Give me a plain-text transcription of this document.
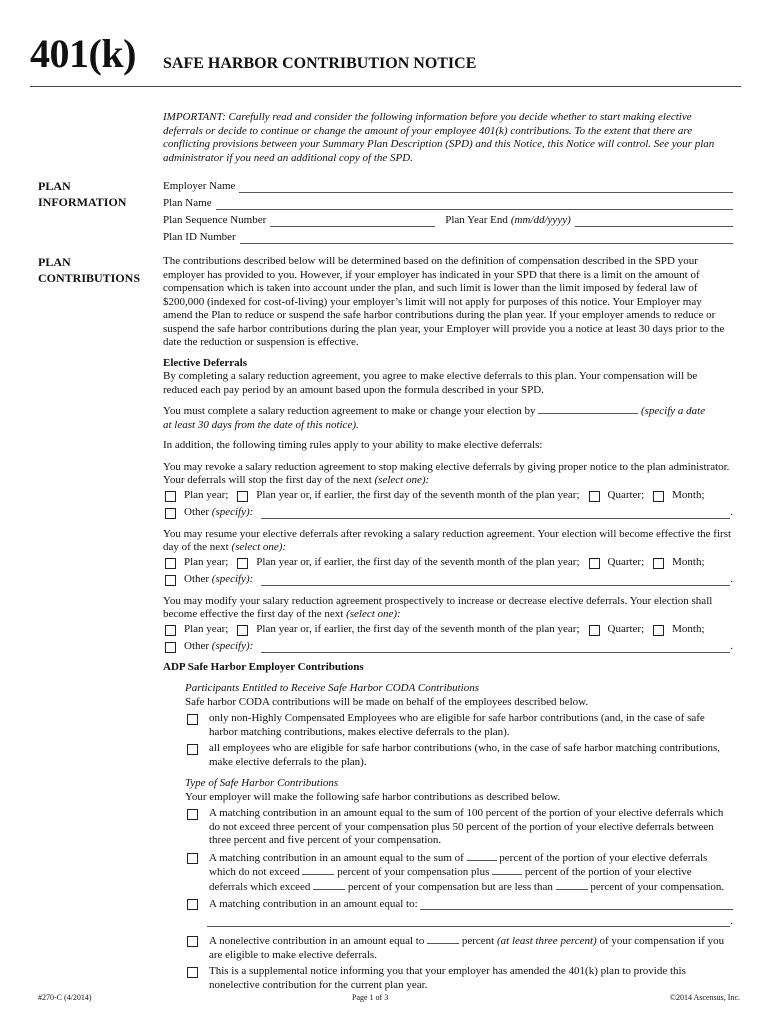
401(k) SAFE HARBOR CONTRIBUTION NOTICE
IMPORTANT: Carefully read and consider the following information before you decide whether to start making elective deferrals or decide to continue or change the amount of your employee 401(k) contributions. To the extent that there are conflicting provisions between your Summary Plan Description (SPD) and this Notice, this Notice will control. See your plan administrator if you need an additional copy of the SPD.
PLAN
INFORMATION
Employer Name
Plan Name
Plan Sequence Number	Plan Year End (mm/dd/yyyy)
Plan ID Number
PLAN
CONTRIBUTIONS

The contributions described below will be determined based on the definition of compensation described in the SPD your employer has provided to you. However, if your employer has indicated in your SPD that there is a limit on the amount of compensation which is taken into account under the plan, and such limit is lower than the limit imposed by federal law of $200,000 (indexed for cost-of-living) your employer’s limit will not apply for purposes of this notice. Your Employer may amend the Plan to reduce or suspend the safe harbor contributions during the plan year. If your employer amends to reduce or suspend the safe harbor contributions during the plan year, your Employer will provide you a notice at least 30 days prior to the date the reduction or suspension is effective.

Elective Deferrals

By completing a salary reduction agreement, you agree to make elective deferrals to this plan. Your compensation will be reduced each pay period by an amount based upon the formula described in your SPD.

You must complete a salary reduction agreement to make or change your election by	(specify a date
at least 30 days from the date of this notice).

In addition, the following timing rules apply to your ability to make elective deferrals:

You may revoke a salary reduction agreement to stop making elective deferrals by giving proper notice to the plan administrator. Your deferrals will stop the first day of the next (select one):

Plan year;	Plan year or, if earlier, the first day of the seventh month of the plan year;	Quarter;	Month;
Other
(specify):	.

You may resume your elective deferrals after revoking a salary reduction agreement. Your election will become effective the first day of the next (select one):

Plan year;	Plan year or, if earlier, the first day of the seventh month of the plan year;	Quarter;	Month;
Other
(specify):	.

You may modify your salary reduction agreement prospectively to increase or decrease elective deferrals. Your election shall become effective the first day of the next (select one):

Plan year;	Plan year or, if earlier, the first day of the seventh month of the plan year;	Quarter;	Month;
Other
(specify):	.

ADP Safe Harbor Employer Contributions

Participants Entitled to Receive Safe Harbor CODA Contributions

Safe harbor CODA contributions will be made on behalf of the employees described below.

only non-Highly Compensated Employees who are eligible for safe harbor contributions (and, in the case of safe harbor matching contributions, makes elective deferrals to the plan).
all employees who are eligible for safe harbor contributions (who, in the case of safe harbor matching contributions, make elective deferrals to the plan).

Type of Safe Harbor Contributions

Your employer will make the following safe harbor contributions as described below.

A matching contribution in an amount equal to the sum of 100 percent of the portion of your elective deferrals which do not exceed three percent of your compensation plus 50 percent of the portion of your elective deferrals between three percent and five percent of your compensation.
A matching contribution in an amount equal to the sum of	percent of the portion of your elective deferrals
which do not exceed	percent of your compensation plus	percent of the portion of your elective
deferrals which exceed	percent of your compensation but are less than	percent of your compensation.
A matching contribution in an amount equal to:
.
A nonelective contribution in an amount equal to	percent (at least three percent) of your compensation if you are eligible to make elective deferrals.
This is a supplemental notice informing you that your employer has amended the 401(k) plan to provide this nonelective contribution for the current plan year.
#270-C (4/2014)	Page 1 of 3	©2014 Ascensus, Inc.
